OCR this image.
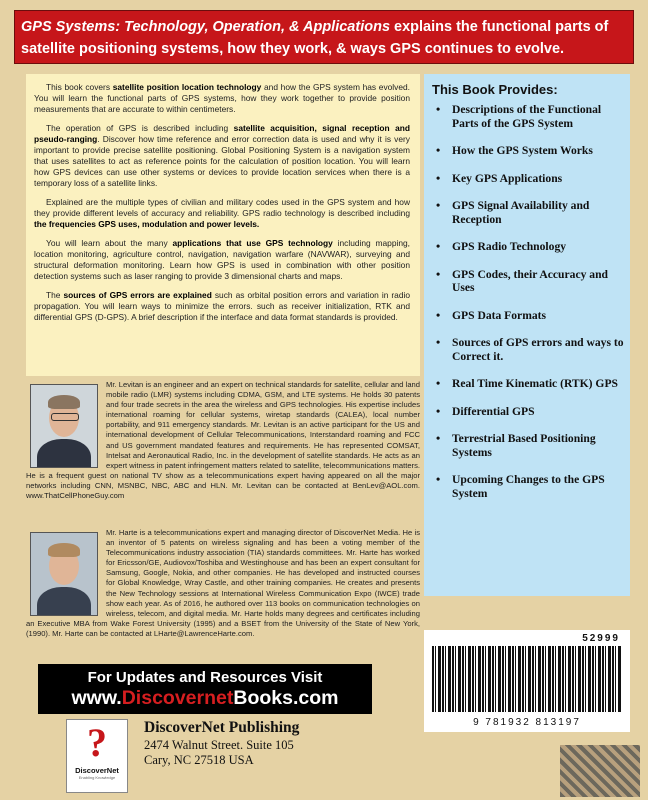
GPS Systems: Technology, Operation, & Applications explains the functional parts of satellite positioning systems, how they work, & ways GPS continues to evolve.

This book covers satellite position location technology and how the GPS system has evolved. You will learn the functional parts of GPS systems, how they work together to provide position measurements that are accurate to within centimeters.

The operation of GPS is described including satellite acquisition, signal reception and pseudo-ranging. Discover how time reference and error correction data is used and why it is very important to provide precise satellite positioning. Global Positioning System is a navigation system that uses satellites to act as reference points for the calculation of position location. You will learn how GPS devices can use other systems or devices to provide location services when there is a temporary loss of a satellite links.

Explained are the multiple types of civilian and military codes used in the GPS system and how they provide different levels of accuracy and reliability. GPS radio technology is described including the frequencies GPS uses, modulation and power levels.

You will learn about the many applications that use GPS technology including mapping, location monitoring, agriculture control, navigation, navigation warfare (NAVWAR), surveying and structural deformation monitoring. Learn how GPS is used in combination with other position detection systems such as laser ranging to provide 3 dimensional charts and maps.

The sources of GPS errors are explained such as orbital position errors and variation in radio propagation. You will learn ways to minimize the errors. such as receiver initialization, RTK and differential GPS (D-GPS). A brief description if the interface and data format standards is provided.

Mr. Levitan is an engineer and an expert on technical standards for satellite, cellular and land mobile radio (LMR) systems including CDMA, GSM, and LTE systems. He holds 30 patents and four trade secrets in the area the wireless and GPS technologies. His expertise includes international roaming for cellular systems, wiretap standards (CALEA), local number portability, and 911 emergency standards. Mr. Levitan is an active participant for the US and international development of Cellular Telecommunications, Interstandard roaming and FCC and US government mandated features and requirements. He has represented COMSAT, Intelsat and Aeronautical Radio, Inc. in the development of satellite standards. He acts as an expert witness in patent infringement matters related to satellite, telecommunications matters. He is a frequent guest on national TV show as a telecommunications expert having appeared on all the major networks including CNN, MSNBC, NBC, ABC and HLN. Mr. Levitan can be contacted at BenLev@AOL.com. www.ThatCellPhoneGuy.com
Mr. Harte is a telecommunications expert and managing director of DiscoverNet Media. He is an inventor of 5 patents on wireless signaling and has been a voting member of the Telecommunications industry association (TIA) standards committees. Mr. Harte has worked for Ericsson/GE, Audiovox/Toshiba and Westinghouse and has been an expert consultant for Samsung, Google, Nokia, and other companies. He has developed and instructed courses for Global Knowledge, Wray Castle, and other training companies. He creates and presents the New Technology sessions at International Wireless Communication Expo (IWCE) trade show each year. As of 2016, he authored over 113 books on communication technologies on wireless, telecom, and digital media. Mr. Harte holds many degrees and certificates including an Executive MBA from Wake Forest University (1995) and a BSET from the University of the State of New York, (1990). Mr. Harte can be contacted at LHarte@LawrenceHarte.com.
This Book Provides:
• Descriptions of the Functional Parts of the GPS System
• How the GPS System Works
• Key GPS Applications
• GPS Signal Availability and Reception
• GPS Radio Technology
• GPS Codes, their Accuracy and Uses
• GPS Data Formats
• Sources of GPS errors and ways to Correct it.
• Real Time Kinematic (RTK) GPS
• Differential GPS
• Terrestrial Based Positioning Systems
• Upcoming Changes to the GPS System
For Updates and Resources Visit
www.DiscovernetBooks.com
?
DiscoverNet
Enabling Knowledge
DiscoverNet Publishing
2474 Walnut Street. Suite 105
Cary, NC 27518 USA
52999
9 781932 813197
